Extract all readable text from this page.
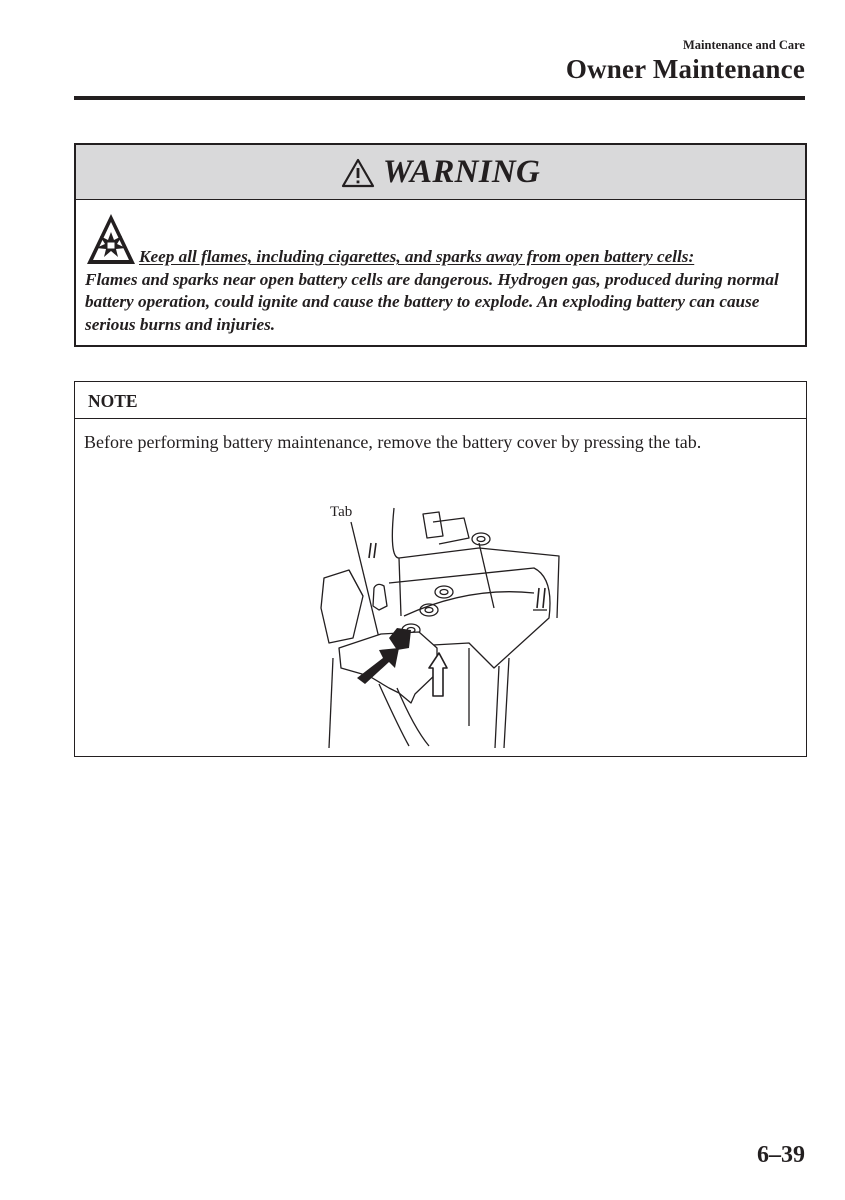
Maintenance and Care
Owner Maintenance
WARNING
Keep all flames, including cigarettes, and sparks away from open battery cells:
Flames and sparks near open battery cells are dangerous. Hydrogen gas, produced during normal battery operation, could ignite and cause the battery to explode. An exploding battery can cause serious burns and injuries.
NOTE
Before performing battery maintenance, remove the battery cover by pressing the tab.
Tab
6–39
